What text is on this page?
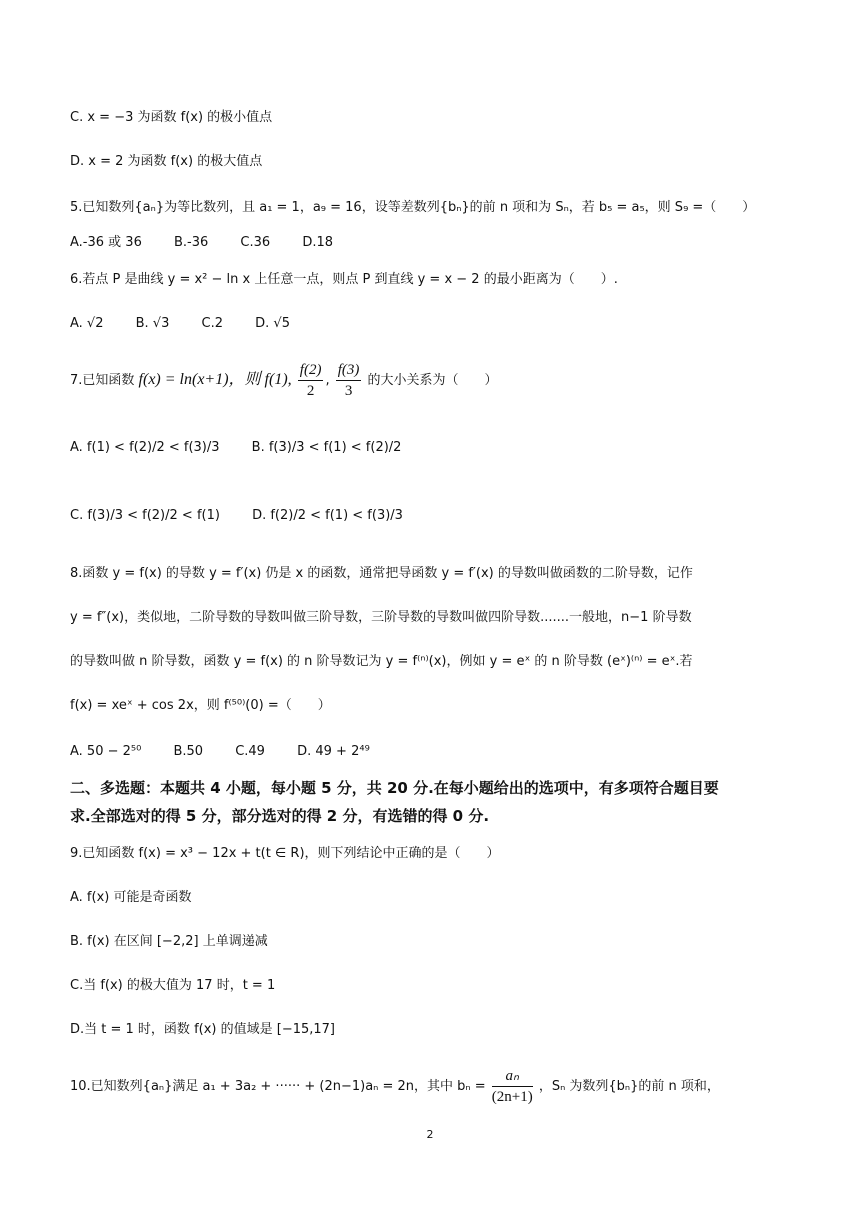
C. x = −3 为函数 f(x) 的极小值点
D. x = 2 为函数 f(x) 的极大值点
5.已知数列{aₙ}为等比数列，且 a₁ = 1，a₉ = 16，设等差数列{bₙ}的前 n 项和为 Sₙ，若 b₅ = a₅，则 S₉ =（　　）
A.-36 或 36 B.-36 C.36 D.18
6.若点 P 是曲线 y = x² − ln x 上任意一点，则点 P 到直线 y = x − 2 的最小距离为（　　）.
A. √2 B. √3 C.2 D. √5
7.已知函数 f(x) = ln(x+1)，则 f(1), $\frac{f(2)}{2}$ , $\frac{f(3)}{3}$ 的大小关系为（　　）
A. f(1) < f(2)/2 < f(3)/3 B. f(3)/3 < f(1) < f(2)/2
C. f(3)/3 < f(2)/2 < f(1) D. f(2)/2 < f(1) < f(3)/3
8.函数 y = f(x) 的导数 y = f′(x) 仍是 x 的函数，通常把导函数 y = f′(x) 的导数叫做函数的二阶导数，记作
y = f″(x)，类似地，二阶导数的导数叫做三阶导数，三阶导数的导数叫做四阶导数.......一般地，n−1 阶导数
的导数叫做 n 阶导数，函数 y = f(x) 的 n 阶导数记为 y = f⁽ⁿ⁾(x)，例如 y = eˣ 的 n 阶导数 (eˣ)⁽ⁿ⁾ = eˣ.若
f(x) = xeˣ + cos 2x，则 f⁽⁵⁰⁾(0) =（　　）
A. 50 − 2⁵⁰ B.50 C.49 D. 49 + 2⁴⁹
二、多选题：本题共 4 小题，每小题 5 分，共 20 分.在每小题给出的选项中，有多项符合题目要
求.全部选对的得 5 分，部分选对的得 2 分，有选错的得 0 分.
9.已知函数 f(x) = x³ − 12x + t(t ∈ R)，则下列结论中正确的是（　　）
A. f(x) 可能是奇函数
B. f(x) 在区间 [−2,2] 上单调递减
C.当 f(x) 的极大值为 17 时，t = 1
D.当 t = 1 时，函数 f(x) 的值域是 [−15,17]
10.已知数列{aₙ}满足 a₁ + 3a₂ + ······ + (2n−1)aₙ = 2n，其中 $b_n = \frac{\text{aₙ}}{(2n+1)}$ ，Sₙ 为数列{bₙ}的前 n 项和，
2
